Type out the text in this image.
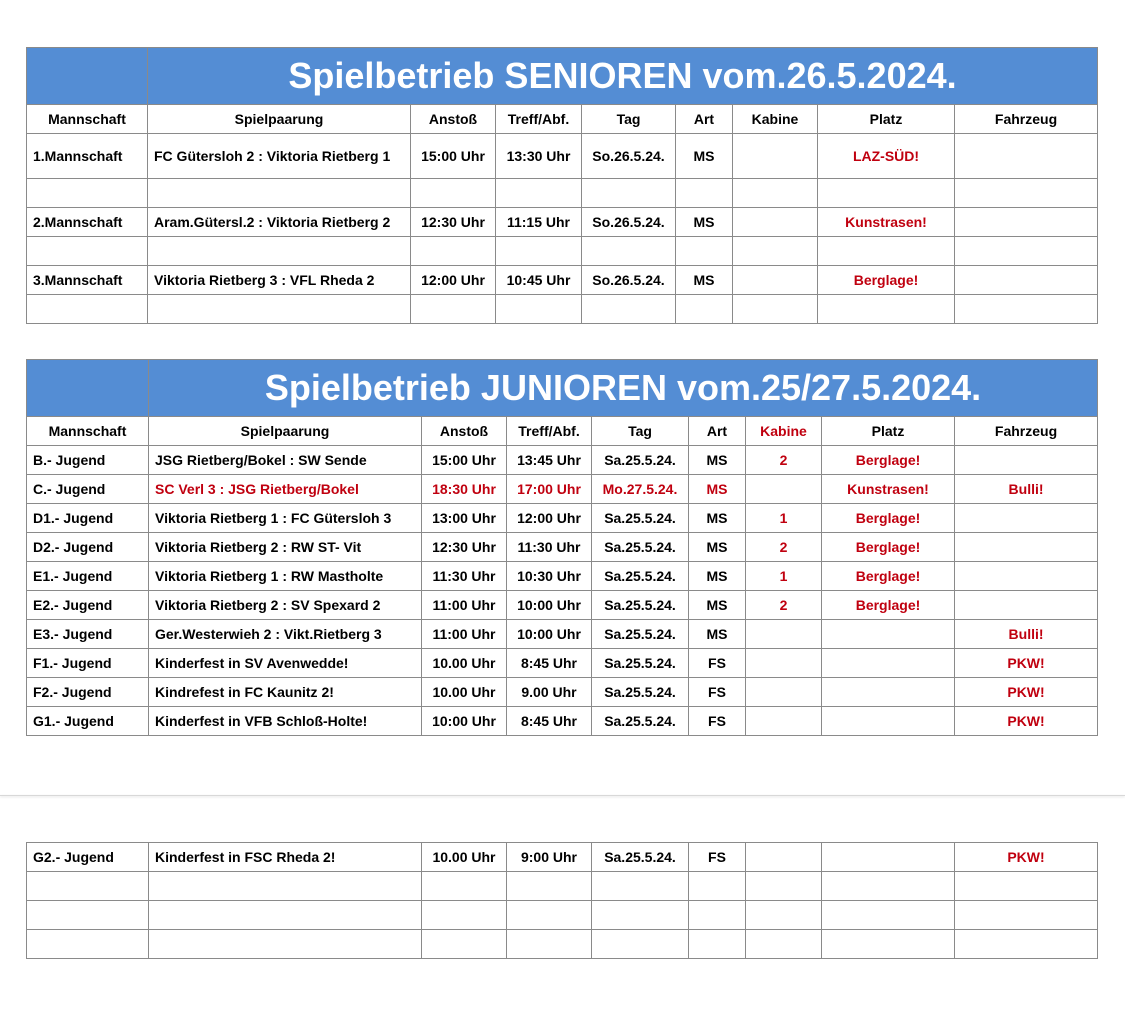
	Spielbetrieb SENIOREN vom.26.5.2024.							
Mannschaft	Spielpaarung	Anstoß	Treff/Abf.	Tag	Art	Kabine	Platz	Fahrzeug
1.Mannschaft	FC Gütersloh 2 : Viktoria Rietberg 1	15:00 Uhr	13:30 Uhr	So.26.5.24.	MS		LAZ-SÜD!	

2.Mannschaft	Aram.Gütersl.2 : Viktoria Rietberg 2	12:30 Uhr	11:15 Uhr	So.26.5.24.	MS		Kunstrasen!	

3.Mannschaft	Viktoria Rietberg 3 : VFL Rheda 2	12:00 Uhr	10:45 Uhr	So.26.5.24.	MS		Berglage!	

	Spielbetrieb JUNIOREN vom.25/27.5.2024.							
Mannschaft	Spielpaarung	Anstoß	Treff/Abf.	Tag	Art	Kabine	Platz	Fahrzeug
B.- Jugend	JSG Rietberg/Bokel : SW Sende	15:00 Uhr	13:45 Uhr	Sa.25.5.24.	MS	2	Berglage!	
C.- Jugend	SC Verl 3 : JSG Rietberg/Bokel	18:30 Uhr	17:00 Uhr	Mo.27.5.24.	MS		Kunstrasen!	Bulli!
D1.- Jugend	Viktoria Rietberg 1 : FC Gütersloh 3	13:00 Uhr	12:00 Uhr	Sa.25.5.24.	MS	1	Berglage!	
D2.- Jugend	Viktoria Rietberg 2 : RW ST- Vit	12:30 Uhr	11:30 Uhr	Sa.25.5.24.	MS	2	Berglage!	
E1.- Jugend	Viktoria Rietberg 1 : RW Mastholte	11:30 Uhr	10:30 Uhr	Sa.25.5.24.	MS	1	Berglage!	
E2.- Jugend	Viktoria Rietberg 2 : SV Spexard 2	11:00 Uhr	10:00 Uhr	Sa.25.5.24.	MS	2	Berglage!	
E3.- Jugend	Ger.Westerwieh 2 : Vikt.Rietberg 3	11:00 Uhr	10:00 Uhr	Sa.25.5.24.	MS			Bulli!
F1.- Jugend	Kinderfest in SV Avenwedde!	10.00 Uhr	8:45 Uhr	Sa.25.5.24.	FS			PKW!
F2.- Jugend	Kindrefest in FC Kaunitz 2!	10.00 Uhr	9.00 Uhr	Sa.25.5.24.	FS			PKW!
G1.- Jugend	Kinderfest in VFB Schloß-Holte!	10:00 Uhr	8:45 Uhr	Sa.25.5.24.	FS			PKW!
G2.- Jugend	Kinderfest in FSC Rheda 2!	10.00 Uhr	9:00 Uhr	Sa.25.5.24.	FS			PKW!
